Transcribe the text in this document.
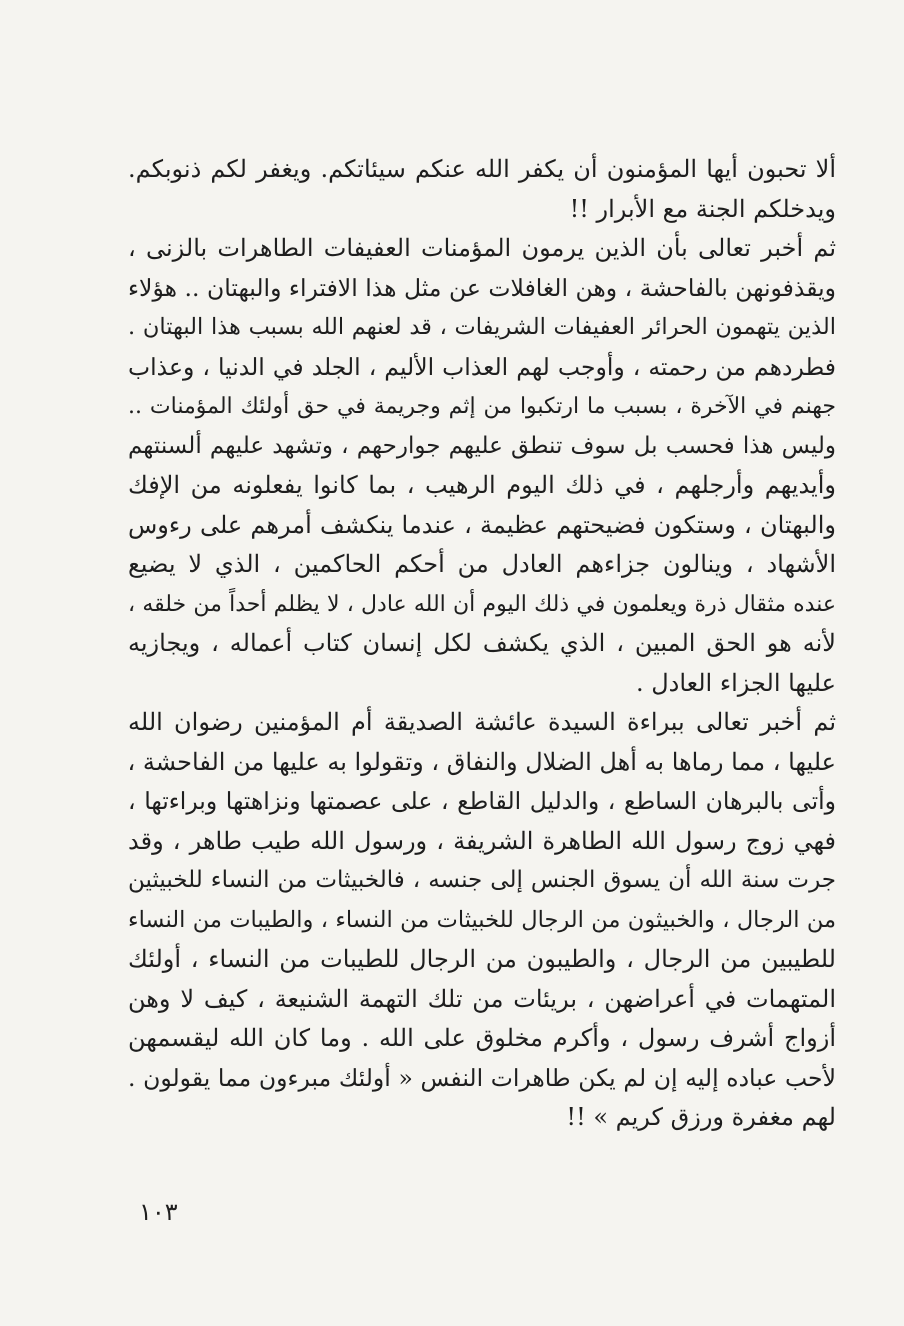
ألا تحبون أيها المؤمنون أن يكفر الله عنكم سيئاتكم. ويغفر لكم ذنوبكم.
ويدخلكم الجنة مع الأبرار !!
ثم أخبر تعالى بأن الذين يرمون المؤمنات العفيفات الطاهرات بالزنى ،
ويقذفونهن بالفاحشة ، وهن الغافلات عن مثل هذا الافتراء والبهتان .. هؤلاء
الذين يتهمون الحرائر العفيفات الشريفات ، قد لعنهم الله بسبب هذا البهتان .
فطردهم من رحمته ، وأوجب لهم العذاب الأليم ، الجلد في الدنيا ، وعذاب
جهنم في الآخرة ، بسبب ما ارتكبوا من إثم وجريمة في حق أولئك المؤمنات ..
وليس هذا فحسب بل سوف تنطق عليهم جوارحهم ، وتشهد عليهم ألسنتهم
وأيديهم وأرجلهم ، في ذلك اليوم الرهيب ، بما كانوا يفعلونه من الإفك
والبهتان ، وستكون فضيحتهم عظيمة ، عندما ينكشف أمرهم على رءوس
الأشهاد ، وينالون جزاءهم العادل من أحكم الحاكمين ، الذي لا يضيع
عنده مثقال ذرة ويعلمون في ذلك اليوم أن الله عادل ، لا يظلم أحداً من خلقه ،
لأنه هو الحق المبين ، الذي يكشف لكل إنسان كتاب أعماله ، ويجازيه
عليها الجزاء العادل .
ثم أخبر تعالى ببراءة السيدة عائشة الصديقة أم المؤمنين رضوان الله
عليها ، مما رماها به أهل الضلال والنفاق ، وتقولوا به عليها من الفاحشة ،
وأتى بالبرهان الساطع ، والدليل القاطع ، على عصمتها ونزاهتها وبراءتها ،
فهي زوج رسول الله الطاهرة الشريفة ، ورسول الله طيب طاهر ، وقد
جرت سنة الله أن يسوق الجنس إلى جنسه ، فالخبيثات من النساء للخبيثين
من الرجال ، والخبيثون من الرجال للخبيثات من النساء ، والطيبات من النساء
للطيبين من الرجال ، والطيبون من الرجال للطيبات من النساء ، أولئك
المتهمات في أعراضهن ، بريئات من تلك التهمة الشنيعة ، كيف لا وهن
أزواج أشرف رسول ، وأكرم مخلوق على الله . وما كان الله ليقسمهن
لأحب عباده إليه إن لم يكن طاهرات النفس « أولئك مبرءون مما يقولون .
لهم مغفرة ورزق كريم » !!
١٠٣
